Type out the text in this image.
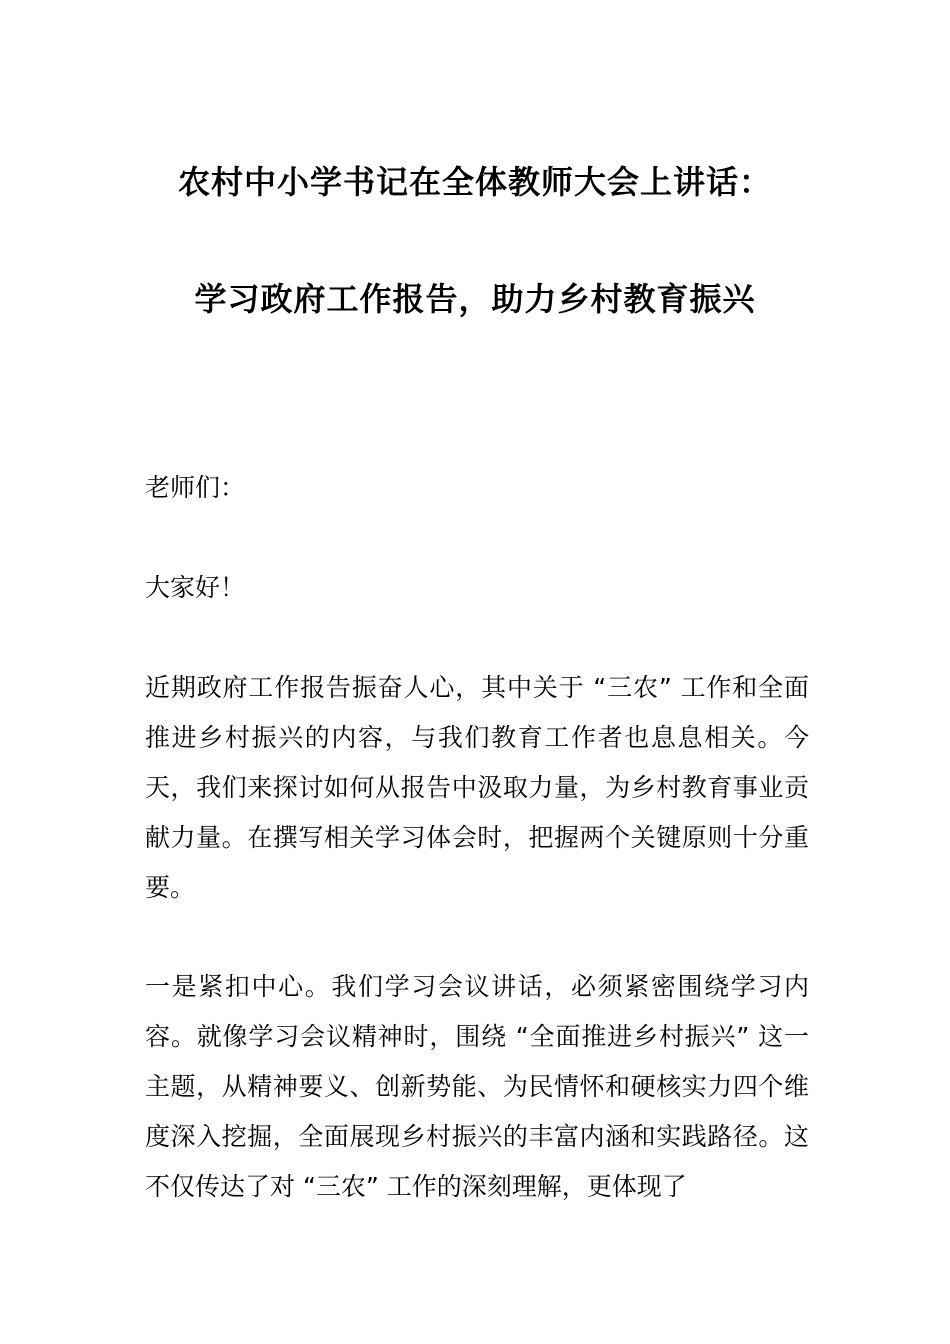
农村中小学书记在全体教师大会上讲话：
学习政府工作报告，助力乡村教育振兴

老师们：

大家好！

近期政府工作报告振奋人心，其中关于 “三农” 工作和全面推进乡村振兴的内容，与我们教育工作者也息息相关。今天，我们来探讨如何从报告中汲取力量，为乡村教育事业贡献力量。在撰写相关学习体会时，把握两个关键原则十分重要。

一是紧扣中心。我们学习会议讲话，必须紧密围绕学习内容。就像学习会议精神时，围绕 “全面推进乡村振兴” 这一主题，从精神要义、创新势能、为民情怀和硬核实力四个维度深入挖掘，全面展现乡村振兴的丰富内涵和实践路径。这不仅传达了对 “三农” 工作的深刻理解，更体现了
